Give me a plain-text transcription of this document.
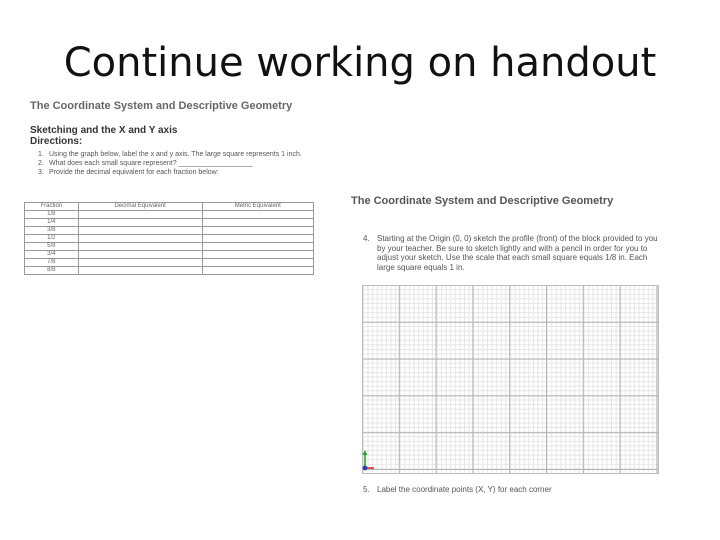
Continue working on handout
The Coordinate System and Descriptive Geometry
Sketching and the X and Y axis
Directions:
1. Using the graph below, label the x and y axis. The large square represents 1 inch.
2. What does each small square represent? ___________________
3. Provide the decimal equivalent for each fraction below:
Fraction	Decimal Equivalent	Metric Equivalent
1/8		
1/4		
3/8		
1/2		
5/8		
3/4		
7/8		
8/8		
The Coordinate System and Descriptive Geometry
4. Starting at the Origin (0, 0) sketch the profile (front) of the block provided to you by your teacher. Be sure to sketch lightly and with a pencil in order for you to adjust your sketch. Use the scale that each small square equals 1/8 in. Each large square equals 1 in.
5. Label the coordinate points (X, Y) for each corner
